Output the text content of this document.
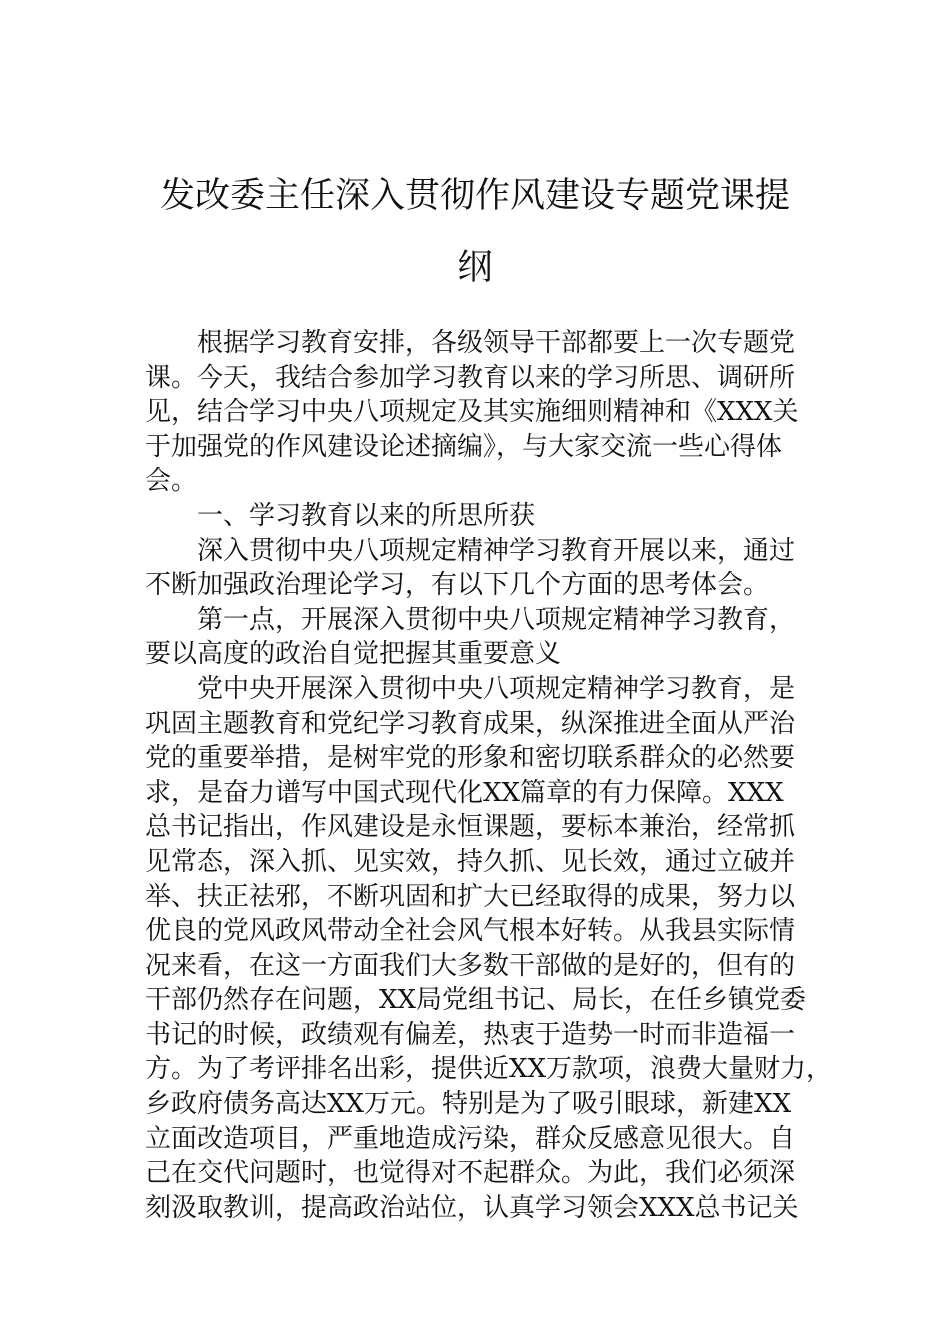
发改委主任深入贯彻作风建设专题党课提
纲
根据学习教育安排，各级领导干部都要上一次专题党
课。今天，我结合参加学习教育以来的学习所思、调研所
见，结合学习中央八项规定及其实施细则精神和《XXX关
于加强党的作风建设论述摘编》，与大家交流一些心得体
会。
一、学习教育以来的所思所获
深入贯彻中央八项规定精神学习教育开展以来，通过
不断加强政治理论学习，有以下几个方面的思考体会。
第一点，开展深入贯彻中央八项规定精神学习教育，
要以高度的政治自觉把握其重要意义
党中央开展深入贯彻中央八项规定精神学习教育，是
巩固主题教育和党纪学习教育成果，纵深推进全面从严治
党的重要举措，是树牢党的形象和密切联系群众的必然要
求，是奋力谱写中国式现代化XX篇章的有力保障。XXX
总书记指出，作风建设是永恒课题，要标本兼治，经常抓
见常态，深入抓、见实效，持久抓、见长效，通过立破并
举、扶正祛邪，不断巩固和扩大已经取得的成果，努力以
优良的党风政风带动全社会风气根本好转。从我县实际情
况来看，在这一方面我们大多数干部做的是好的，但有的
干部仍然存在问题，XX局党组书记、局长，在任乡镇党委
书记的时候，政绩观有偏差，热衷于造势一时而非造福一
方。为了考评排名出彩，提供近XX万款项，浪费大量财力，
乡政府债务高达XX万元。特别是为了吸引眼球，新建XX
立面改造项目，严重地造成污染，群众反感意见很大。自
己在交代问题时，也觉得对不起群众。为此，我们必须深
刻汲取教训，提高政治站位，认真学习领会XXX总书记关
